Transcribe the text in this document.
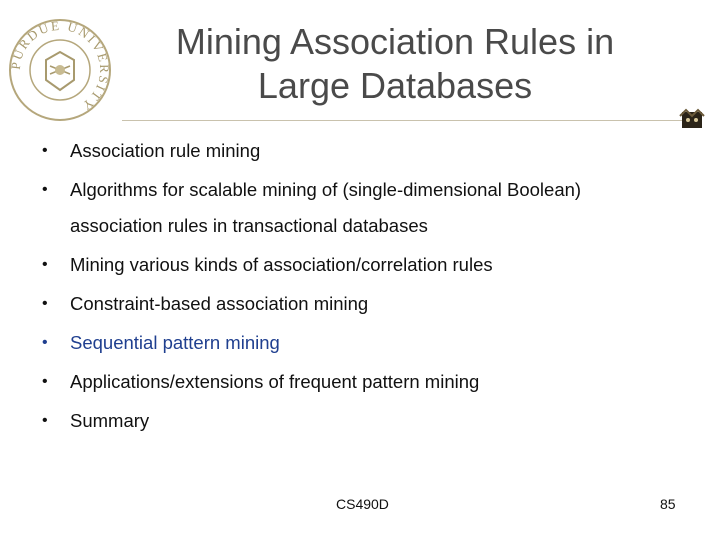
PURDUE UNIVERSITY
Mining Association Rules in
Large Databases
• Association rule mining
• Algorithms for scalable mining of (single-dimensional Boolean)
association rules in transactional databases
• Mining various kinds of association/correlation rules
• Constraint-based association mining
• Sequential pattern mining
• Applications/extensions of frequent pattern mining
• Summary
CS490D	85
